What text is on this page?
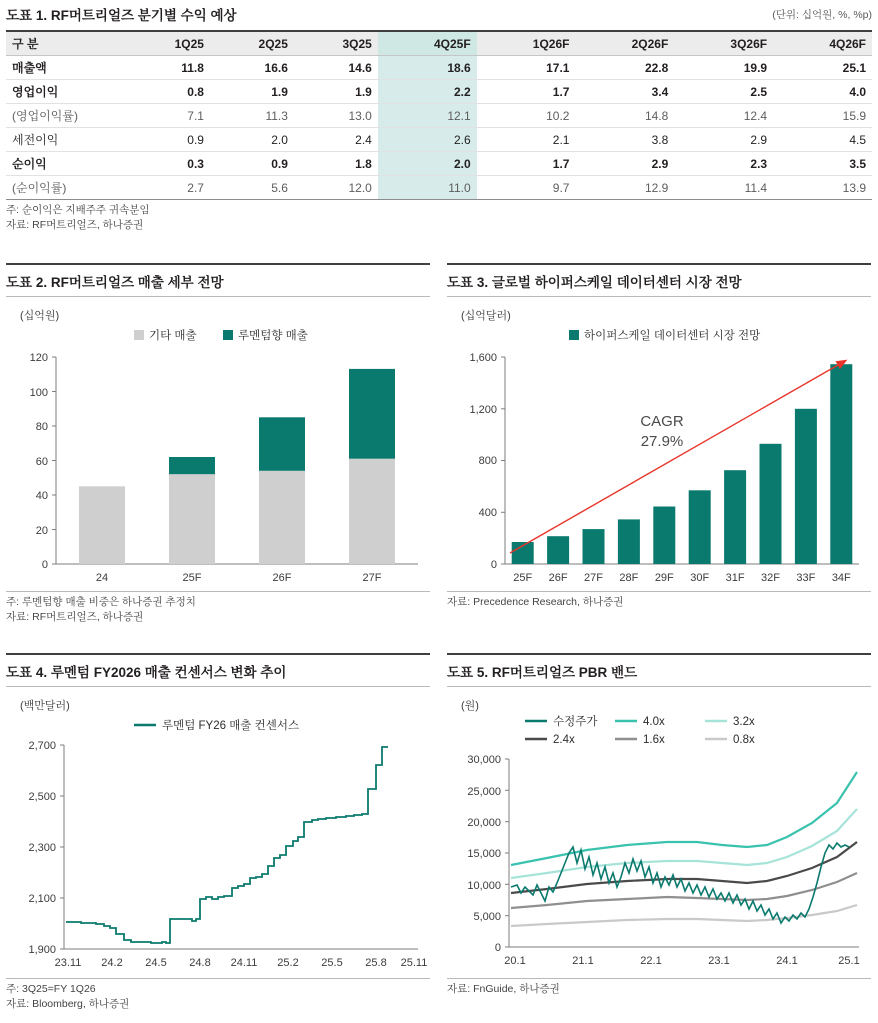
도표 1. RF머트리얼즈 분기별 수익 예상	(단위: 십억원, %, %p)
구 분	1Q25	2Q25	3Q25	4Q25F	1Q26F	2Q26F	3Q26F	4Q26F
매출액	11.8	16.6	14.6	18.6	17.1	22.8	19.9	25.1
영업이익	0.8	1.9	1.9	2.2	1.7	3.4	2.5	4.0
(영업이익률)	7.1	11.3	13.0	12.1	10.2	14.8	12.4	15.9
세전이익	0.9	2.0	2.4	2.6	2.1	3.8	2.9	4.5
순이익	0.3	0.9	1.8	2.0	1.7	2.9	2.3	3.5
(순이익률)	2.7	5.6	12.0	11.0	9.7	12.9	11.4	13.9
주: 순이익은 지배주주 귀속분임
자료: RF머트리얼즈, 하나증권
도표 2. RF머트리얼즈 매출 세부 전망
(십억원)
기타 매출	루멘텀향 매출
0
20
40
60
80
100
120
24	25F	26F	27F
주: 루멘텀향 매출 비중은 하나증권 추정치
자료: RF머트리얼즈, 하나증권
도표 3. 글로벌 하이퍼스케일 데이터센터 시장 전망
(십억달러)
하이퍼스케일 데이터센터 시장 전망
0
400
800
1,200
1,600
CAGR
27.9%
25F 26F 27F 28F 29F 30F 31F 32F 33F 34F
자료: Precedence Research, 하나증권
도표 4. 루멘텀 FY2026 매출 컨센서스 변화 추이
(백만달러)
루멘텀 FY26 매출 컨센서스
1,900
2,100
2,300
2,500
2,700
23.11 24.2 24.5 24.8 24.11 25.2 25.5 25.8 25.11
주: 3Q25=FY 1Q26
자료: Bloomberg, 하나증권
도표 5. RF머트리얼즈 PBR 밴드
(원)
수정주가	4.0x	3.2x
2.4x	1.6x	0.8x
0
5,000
10,000
15,000
20,000
25,000
30,000
20.1	21.1	22.1	23.1	24.1	25.1
자료: FnGuide, 하나증권
